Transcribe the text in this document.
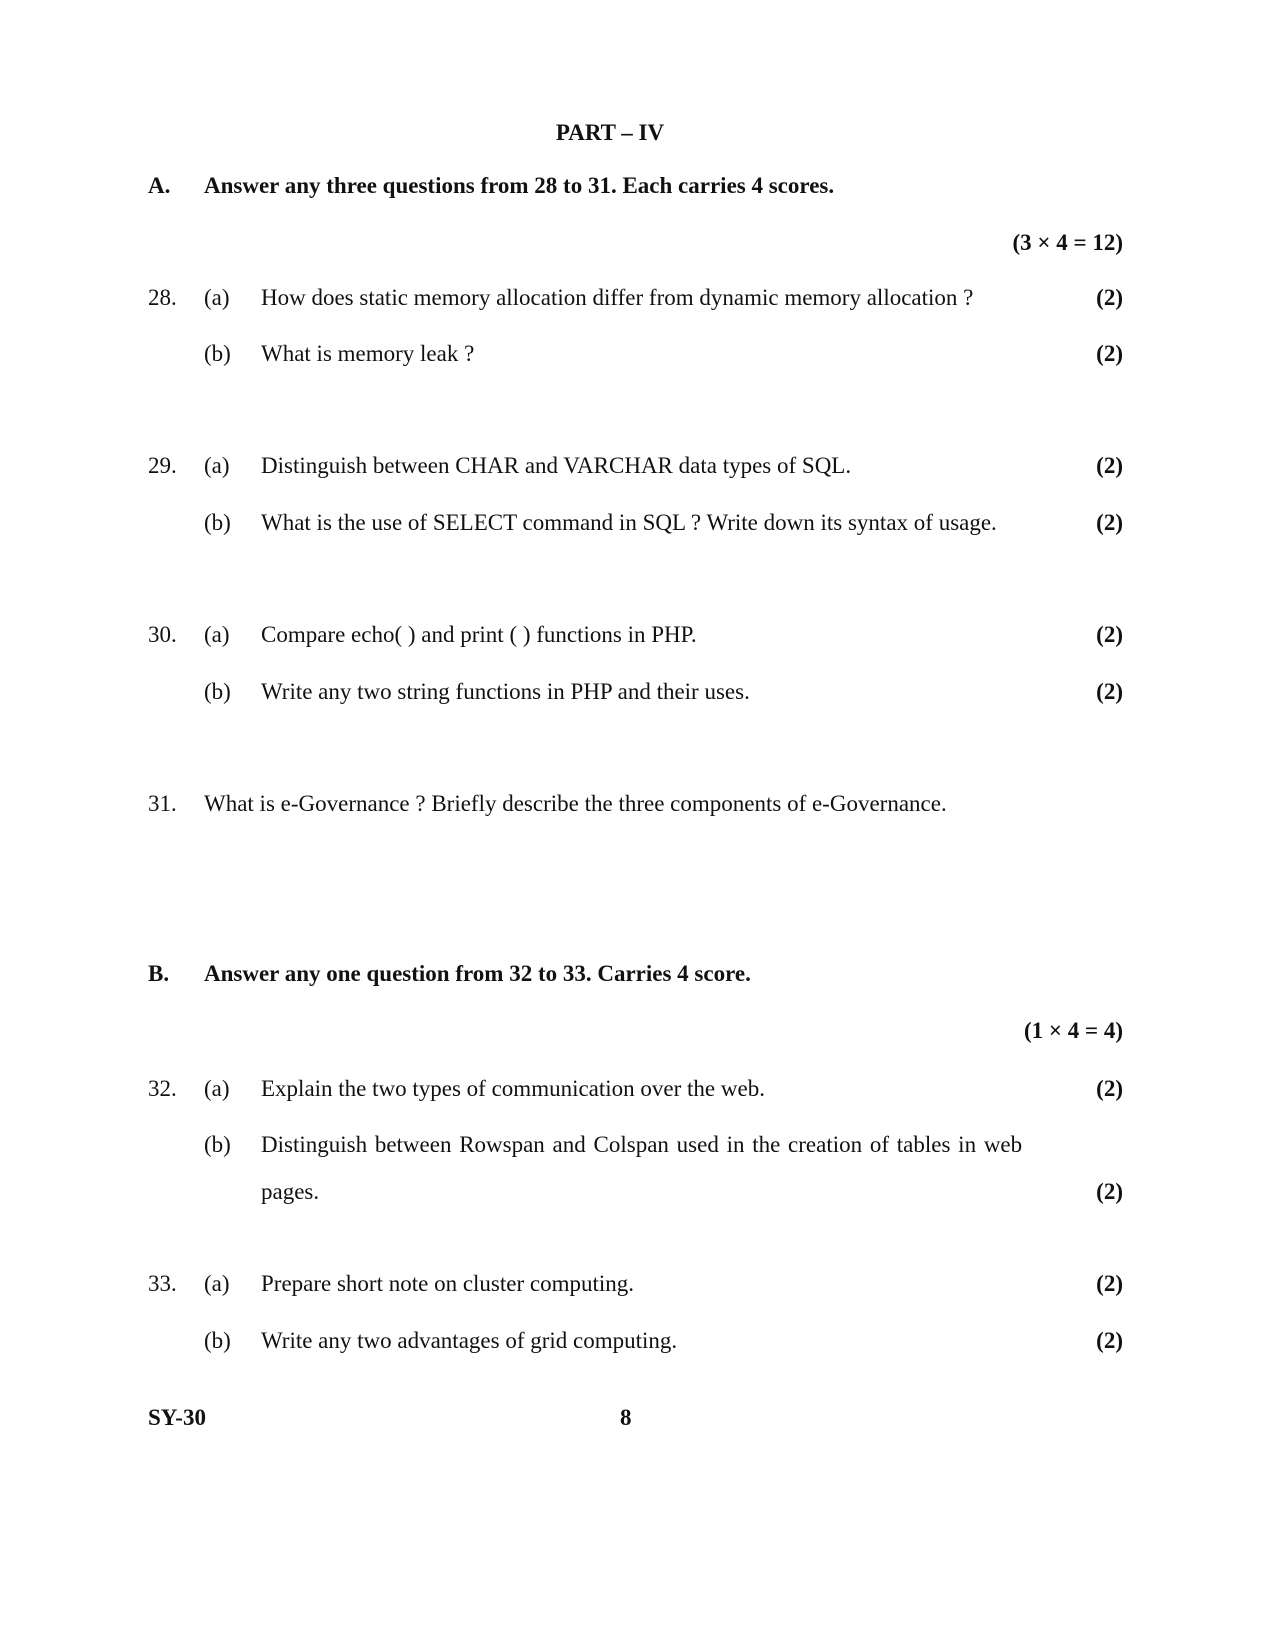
PART – IV
A. Answer any three questions from 28 to 31. Each carries 4 scores.
(3 × 4 = 12)
28. (a) How does static memory allocation differ from dynamic memory allocation ?	(2)
(b) What is memory leak ?	(2)
29. (a) Distinguish between CHAR and VARCHAR data types of SQL.	(2)
(b) What is the use of SELECT command in SQL ? Write down its syntax of usage.	(2)
30. (a) Compare echo( ) and print ( ) functions in PHP.	(2)
(b) Write any two string functions in PHP and their uses.	(2)
31. What is e-Governance ? Briefly describe the three components of e-Governance.
B. Answer any one question from 32 to 33. Carries 4 score.
(1 × 4 = 4)
32. (a) Explain the two types of communication over the web.	(2)
(b) Distinguish between Rowspan and Colspan used in the creation of tables in web
pages.	(2)
33. (a) Prepare short note on cluster computing.	(2)
(b) Write any two advantages of grid computing.	(2)
SY-30	8
